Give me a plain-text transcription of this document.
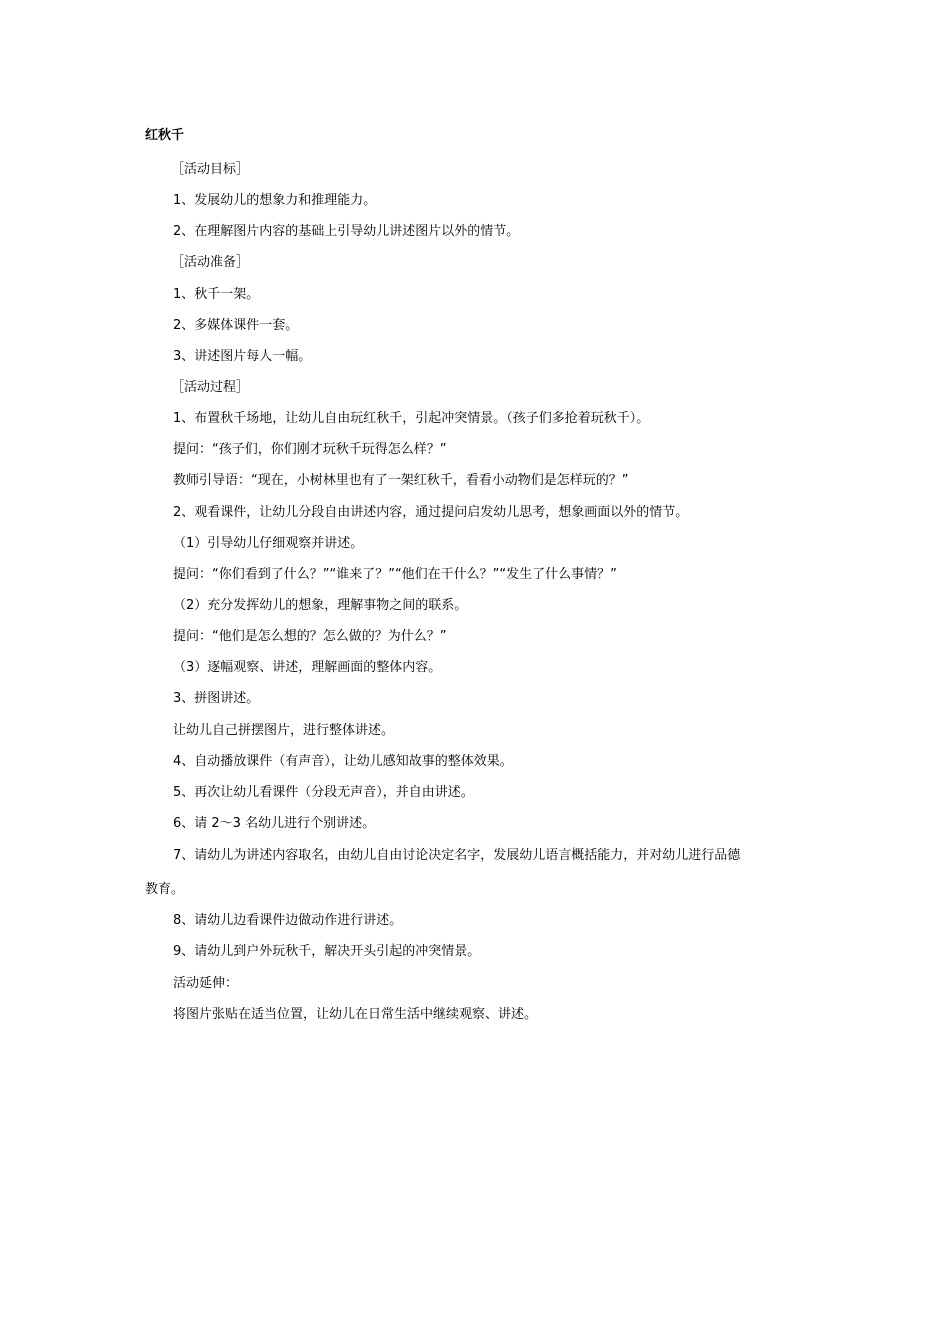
红秋千
［活动目标］
1、发展幼儿的想象力和推理能力。
2、在理解图片内容的基础上引导幼儿讲述图片以外的情节。
［活动准备］
1、秋千一架。
2、多媒体课件一套。
3、讲述图片每人一幅。
［活动过程］
1、布置秋千场地，让幼儿自由玩红秋千，引起冲突情景。（孩子们多抢着玩秋千）。
提问：“孩子们，你们刚才玩秋千玩得怎么样？”
教师引导语：“现在，小树林里也有了一架红秋千，看看小动物们是怎样玩的？”
2、观看课件，让幼儿分段自由讲述内容，通过提问启发幼儿思考，想象画面以外的情节。
（1）引导幼儿仔细观察并讲述。
提问：“你们看到了什么？”“谁来了？”“他们在干什么？”“发生了什么事情？”
（2）充分发挥幼儿的想象，理解事物之间的联系。
提问：“他们是怎么想的？怎么做的？为什么？”
（3）逐幅观察、讲述，理解画面的整体内容。
3、拼图讲述。
让幼儿自己拼摆图片，进行整体讲述。
4、自动播放课件（有声音），让幼儿感知故事的整体效果。
5、再次让幼儿看课件（分段无声音），并自由讲述。
6、请 2～3 名幼儿进行个别讲述。
7、请幼儿为讲述内容取名，由幼儿自由讨论决定名字，发展幼儿语言概括能力，并对幼儿进行品德
教育。
8、请幼儿边看课件边做动作进行讲述。
9、请幼儿到户外玩秋千，解决开头引起的冲突情景。
活动延伸：
将图片张贴在适当位置，让幼儿在日常生活中继续观察、讲述。
